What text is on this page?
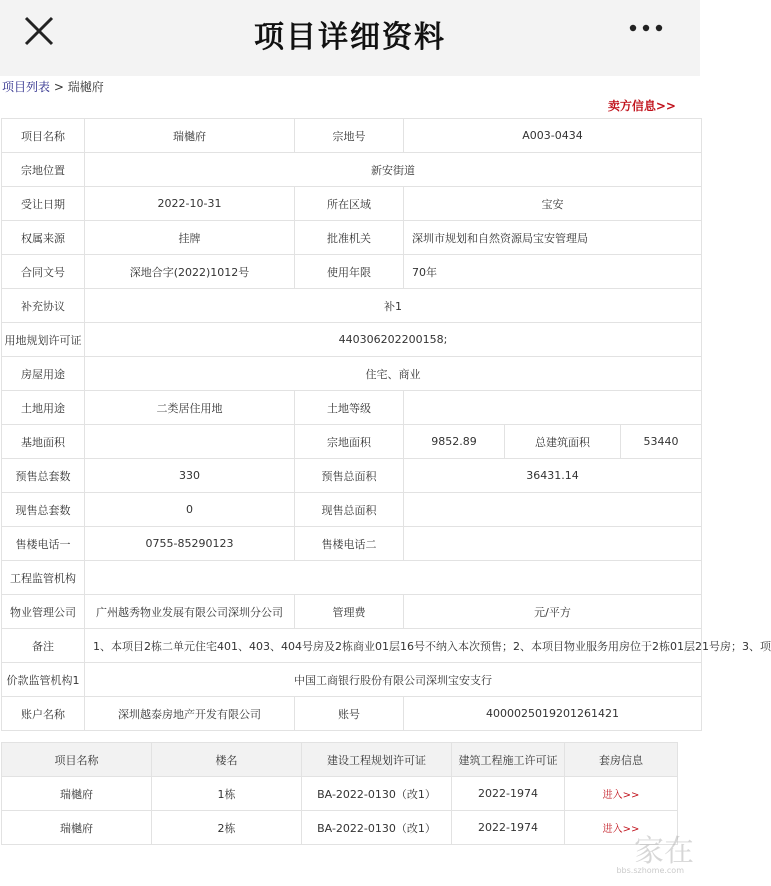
项目详细资料
项目列表 > 瑞樾府
卖方信息>>
项目名称	瑞樾府	宗地号	A003-0434		
宗地位置	新安街道				
受让日期	2022-10-31	所在区域	宝安		
权属来源	挂牌	批准机关	深圳市规划和自然资源局宝安管理局		
合同文号	深地合字(2022)1012号	使用年限	70年		
补充协议	补1				
用地规划许可证	440306202200158;				
房屋用途	住宅、商业				
土地用途	二类居住用地	土地等级			
基地面积		宗地面积	9852.89	总建筑面积	53440
预售总套数	330	预售总面积	36431.14		
现售总套数	0	现售总面积			
售楼电话一	0755-85290123	售楼电话二			
工程监管机构					
物业管理公司	广州越秀物业发展有限公司深圳分公司	管理费	元/平方		
备注	1、本项目2栋二单元住宅401、403、404号房及2栋商业01层16号不纳入本次预售；2、本项目物业服务用房位于2栋01层21号房；3、项				
价款监管机构1	中国工商银行股份有限公司深圳宝安支行				
账户名称	深圳越泰房地产开发有限公司	账号	4000025019201261421		
项目名称	楼名	建设工程规划许可证	建筑工程施工许可证	套房信息
瑞樾府	1栋	BA-2022-0130（改1）	2022-1974	进入>>
瑞樾府	2栋	BA-2022-0130（改1）	2022-1974	进入>>
家在
bbs.szhome.com
